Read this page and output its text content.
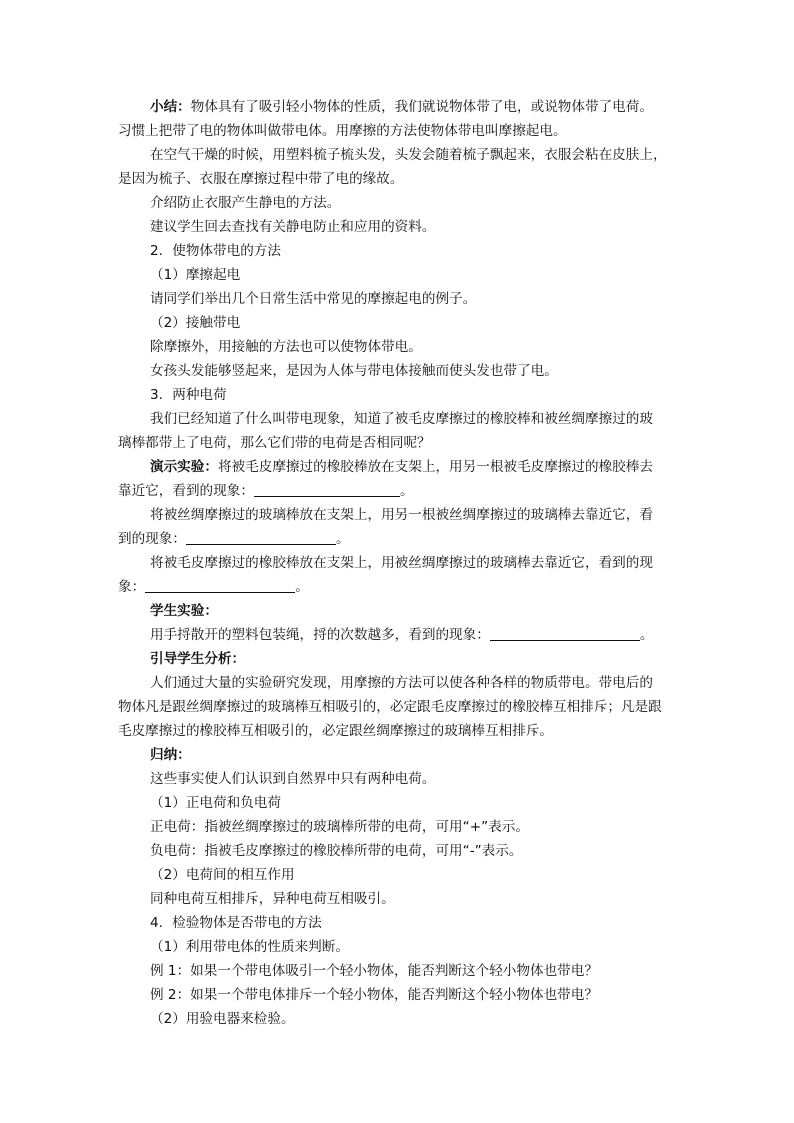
小结：物体具有了吸引轻小物体的性质，我们就说物体带了电，或说物体带了电荷。
习惯上把带了电的物体叫做带电体。用摩擦的方法使物体带电叫摩擦起电。
在空气干燥的时候，用塑料梳子梳头发，头发会随着梳子飘起来，衣服会粘在皮肤上，
是因为梳子、衣服在摩擦过程中带了电的缘故。
介绍防止衣服产生静电的方法。
建议学生回去查找有关静电防止和应用的资料。
2．使物体带电的方法
（1）摩擦起电
请同学们举出几个日常生活中常见的摩擦起电的例子。
（2）接触带电
除摩擦外，用接触的方法也可以使物体带电。
女孩头发能够竖起来，是因为人体与带电体接触而使头发也带了电。
3．两种电荷
我们已经知道了什么叫带电现象，知道了被毛皮摩擦过的橡胶棒和被丝绸摩擦过的玻
璃棒都带上了电荷，那么它们带的电荷是否相同呢？
演示实验：将被毛皮摩擦过的橡胶棒放在支架上，用另一根被毛皮摩擦过的橡胶棒去
靠近它，看到的现象：	。
将被丝绸摩擦过的玻璃棒放在支架上，用另一根被丝绸摩擦过的玻璃棒去靠近它，看
到的现象：	。
将被毛皮摩擦过的橡胶棒放在支架上，用被丝绸摩擦过的玻璃棒去靠近它，看到的现
象：	。
学生实验：
用手捋散开的塑料包装绳，捋的次数越多，看到的现象：	。
引导学生分析：
人们通过大量的实验研究发现，用摩擦的方法可以使各种各样的物质带电。带电后的
物体凡是跟丝绸摩擦过的玻璃棒互相吸引的，必定跟毛皮摩擦过的橡胶棒互相排斥；凡是跟
毛皮摩擦过的橡胶棒互相吸引的，必定跟丝绸摩擦过的玻璃棒互相排斥。
归纳：
这些事实使人们认识到自然界中只有两种电荷。
（1）正电荷和负电荷
正电荷：指被丝绸摩擦过的玻璃棒所带的电荷，可用“+”表示。
负电荷：指被毛皮摩擦过的橡胶棒所带的电荷，可用“-”表示。
（2）电荷间的相互作用
同种电荷互相排斥，异种电荷互相吸引。
4．检验物体是否带电的方法
（1）利用带电体的性质来判断。
例 1：如果一个带电体吸引一个轻小物体，能否判断这个轻小物体也带电？
例 2：如果一个带电体排斥一个轻小物体，能否判断这个轻小物体也带电？
（2）用验电器来检验。
